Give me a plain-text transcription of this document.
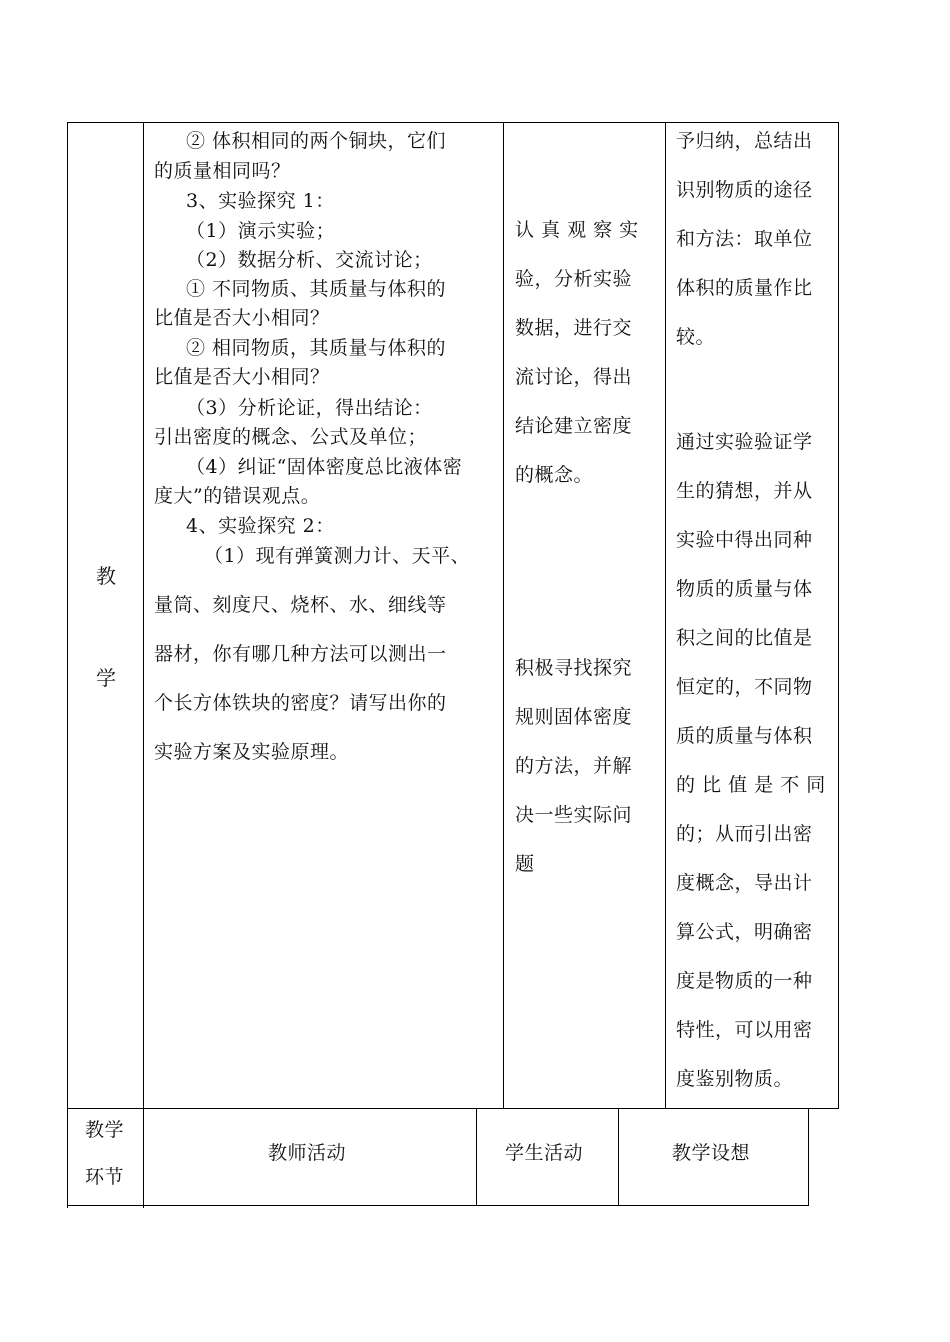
教
学
② 体积相同的两个铜块，它们
的质量相同吗？
3、实验探究 1：
（1）演示实验；
（2）数据分析、交流讨论；
① 不同物质、其质量与体积的
比值是否大小相同？
② 相同物质，其质量与体积的
比值是否大小相同？
（3）分析论证，得出结论：
引出密度的概念、公式及单位；
（4）纠证“固体密度总比液体密
度大”的错误观点。
4、实验探究 2：
（1）现有弹簧测力计、天平、
量筒、刻度尺、烧杯、水、细线等
器材，你有哪几种方法可以测出一
个长方体铁块的密度？请写出你的
实验方案及实验原理。
认 真 观 察 实
验，分析实验
数据，进行交
流讨论，得出
结论建立密度
的概念。
积极寻找探究
规则固体密度
的方法，并解
决一些实际问
题
予归纳，总结出
识别物质的途径
和方法：取单位
体积的质量作比
较。
通过实验验证学
生的猜想，并从
实验中得出同种
物质的质量与体
积之间的比值是
恒定的，不同物
质的质量与体积
的 比 值 是 不 同
的；从而引出密
度概念，导出计
算公式，明确密
度是物质的一种
特性，可以用密
度鉴别物质。
教学
环节
教师活动	学生活动	教学设想
